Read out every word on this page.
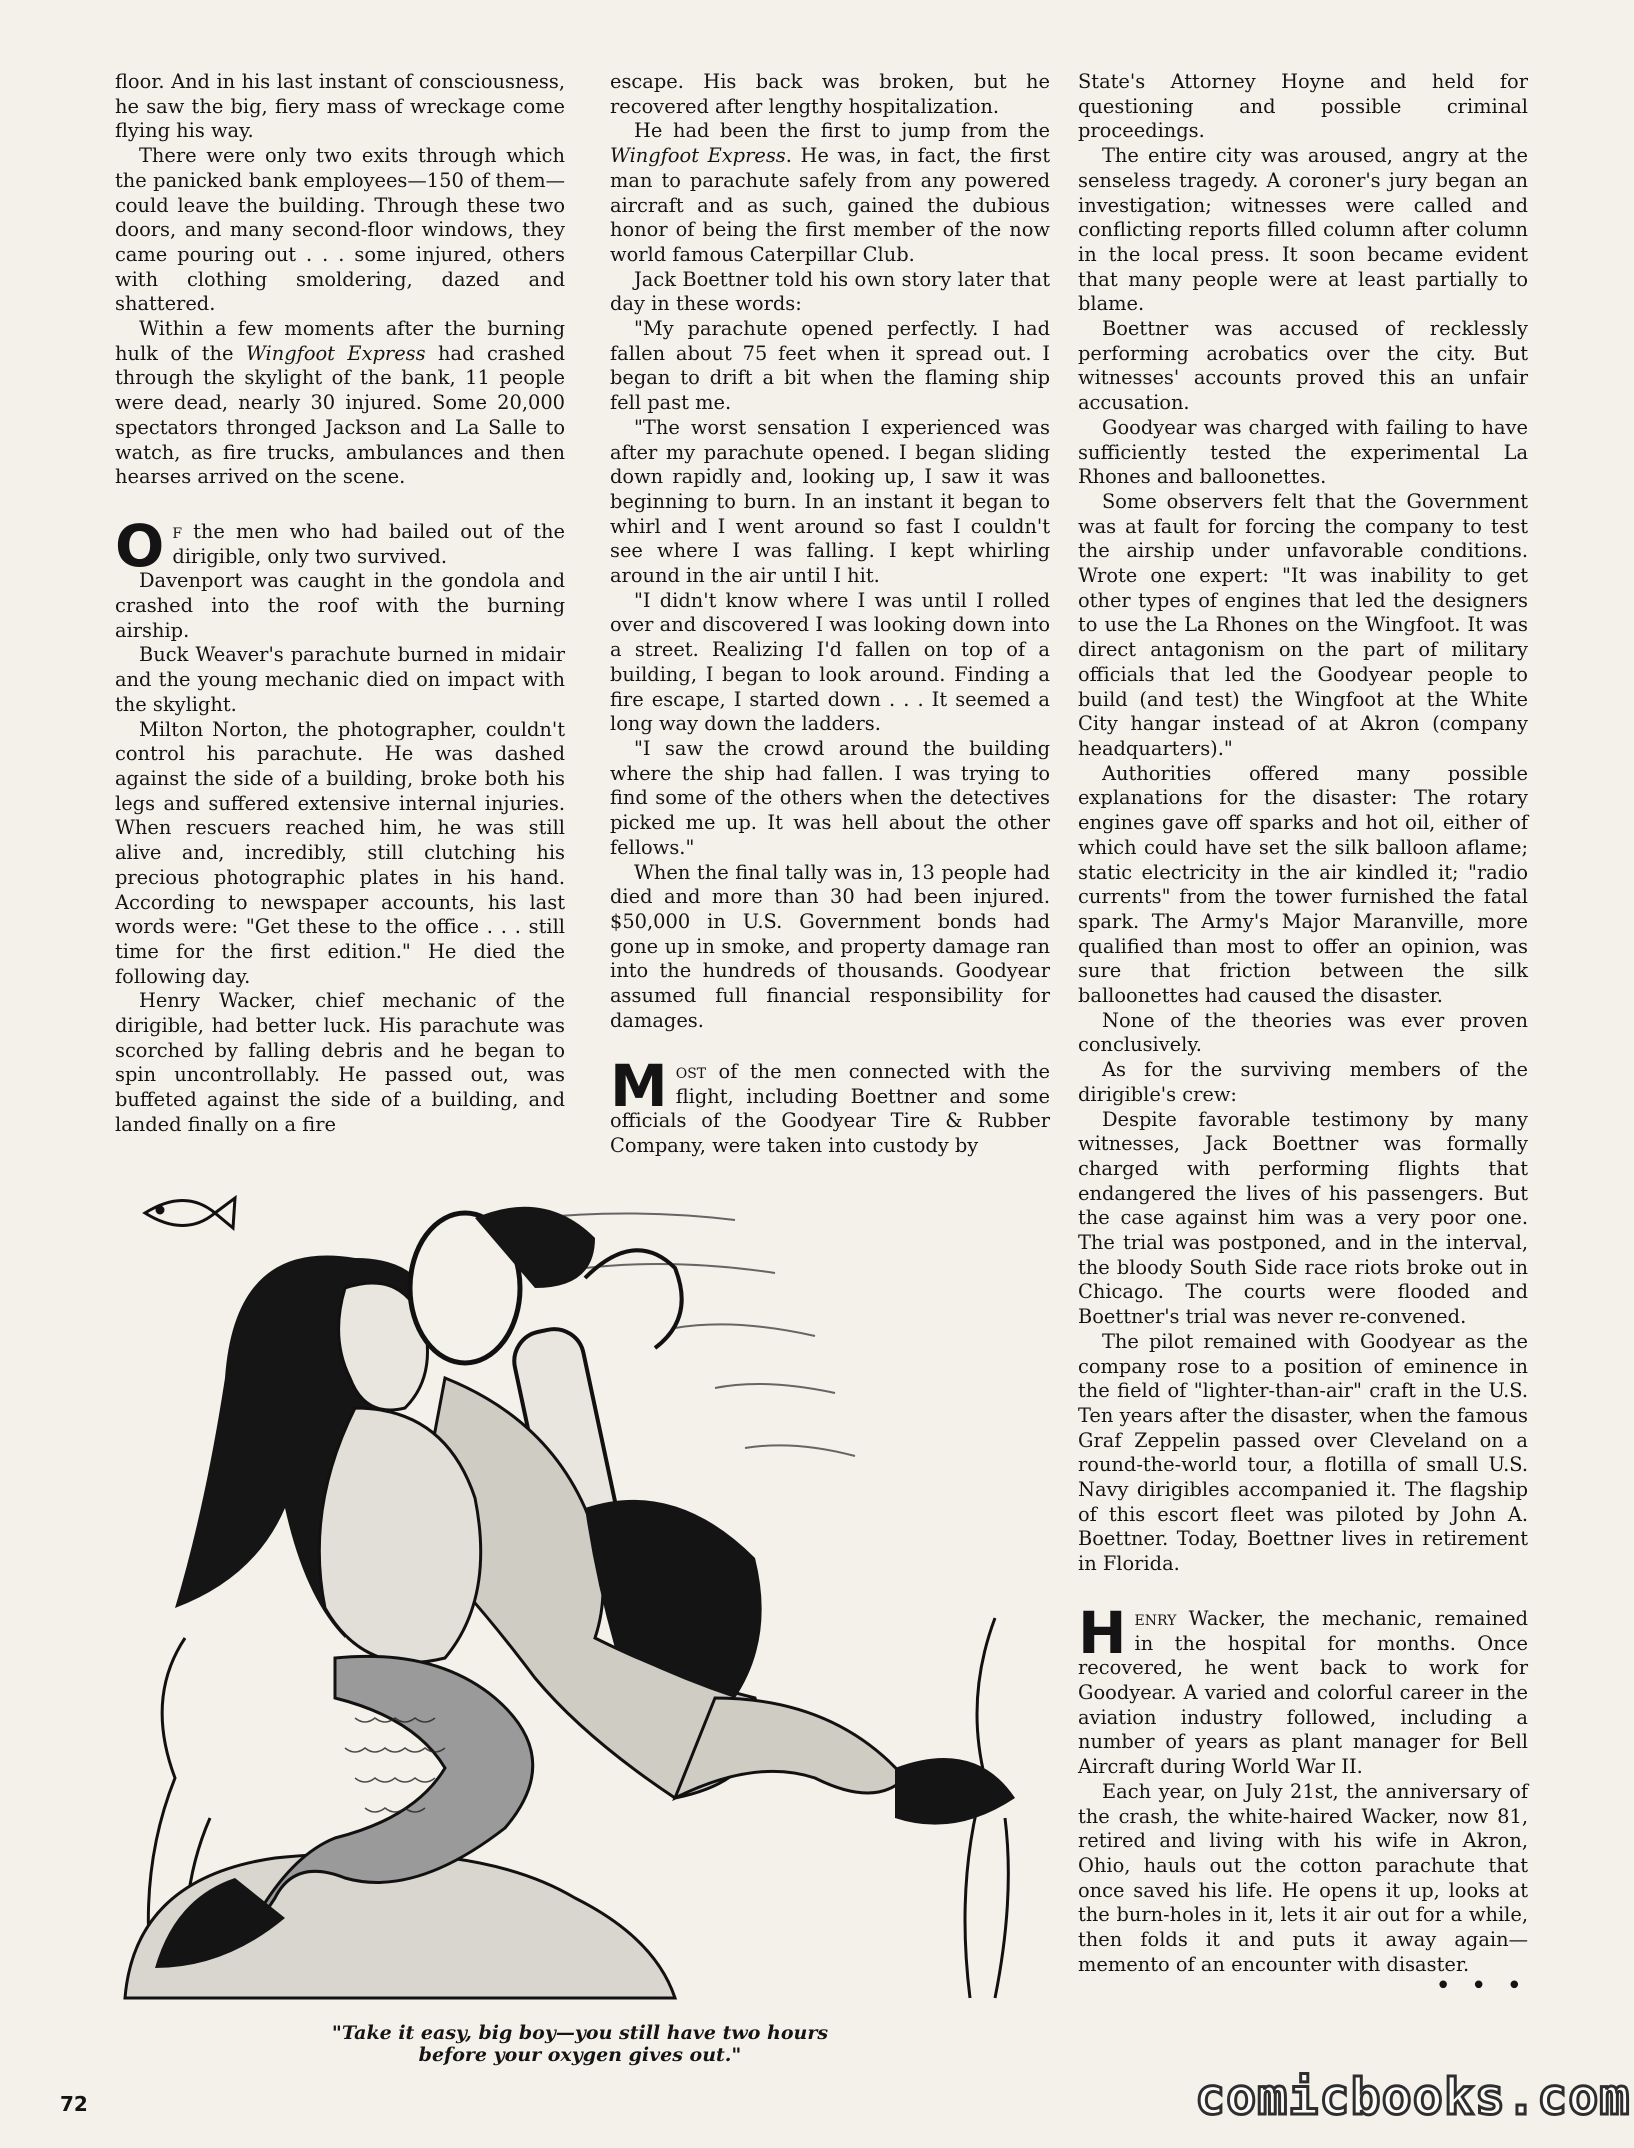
floor. And in his last instant of consciousness, he saw the big, fiery mass of wreckage come flying his way.

There were only two exits through which the panicked bank employees—150 of them—could leave the building. Through these two doors, and many second-floor windows, they came pouring out . . . some injured, others with clothing smoldering, dazed and shattered.

Within a few moments after the burning hulk of the Wingfoot Express had crashed through the skylight of the bank, 11 people were dead, nearly 30 injured. Some 20,000 spectators thronged Jackson and La Salle to watch, as fire trucks, ambulances and then hearses arrived on the scene.

Of the men who had bailed out of the dirigible, only two survived.

Davenport was caught in the gondola and crashed into the roof with the burning airship.

Buck Weaver's parachute burned in midair and the young mechanic died on impact with the skylight.

Milton Norton, the photographer, couldn't control his parachute. He was dashed against the side of a building, broke both his legs and suffered extensive internal injuries. When rescuers reached him, he was still alive and, incredibly, still clutching his precious photographic plates in his hand. According to newspaper accounts, his last words were: "Get these to the office . . . still time for the first edition." He died the following day.

Henry Wacker, chief mechanic of the dirigible, had better luck. His parachute was scorched by falling debris and he began to spin uncontrollably. He passed out, was buffeted against the side of a building, and landed finally on a fire

escape. His back was broken, but he recovered after lengthy hospitalization.

He had been the first to jump from the Wingfoot Express. He was, in fact, the first man to parachute safely from any powered aircraft and as such, gained the dubious honor of being the first member of the now world famous Caterpillar Club.

Jack Boettner told his own story later that day in these words:

"My parachute opened perfectly. I had fallen about 75 feet when it spread out. I began to drift a bit when the flaming ship fell past me.

"The worst sensation I experienced was after my parachute opened. I began sliding down rapidly and, looking up, I saw it was beginning to burn. In an instant it began to whirl and I went around so fast I couldn't see where I was falling. I kept whirling around in the air until I hit.

"I didn't know where I was until I rolled over and discovered I was looking down into a street. Realizing I'd fallen on top of a building, I began to look around. Finding a fire escape, I started down . . . It seemed a long way down the ladders.

"I saw the crowd around the building where the ship had fallen. I was trying to find some of the others when the detectives picked me up. It was hell about the other fellows."

When the final tally was in, 13 people had died and more than 30 had been injured. $50,000 in U.S. Government bonds had gone up in smoke, and property damage ran into the hundreds of thousands. Goodyear assumed full financial responsibility for damages.

Most of the men connected with the flight, including Boettner and some officials of the Goodyear Tire & Rubber Company, were taken into custody by

State's Attorney Hoyne and held for questioning and possible criminal proceedings.

The entire city was aroused, angry at the senseless tragedy. A coroner's jury began an investigation; witnesses were called and conflicting reports filled column after column in the local press. It soon became evident that many people were at least partially to blame.

Boettner was accused of recklessly performing acrobatics over the city. But witnesses' accounts proved this an unfair accusation.

Goodyear was charged with failing to have sufficiently tested the experimental La Rhones and balloonettes.

Some observers felt that the Government was at fault for forcing the company to test the airship under unfavorable conditions. Wrote one expert: "It was inability to get other types of engines that led the designers to use the La Rhones on the Wingfoot. It was direct antagonism on the part of military officials that led the Goodyear people to build (and test) the Wingfoot at the White City hangar instead of at Akron (company headquarters)."

Authorities offered many possible explanations for the disaster: The rotary engines gave off sparks and hot oil, either of which could have set the silk balloon aflame; static electricity in the air kindled it; "radio currents" from the tower furnished the fatal spark. The Army's Major Maranville, more qualified than most to offer an opinion, was sure that friction between the silk balloonettes had caused the disaster.

None of the theories was ever proven conclusively.

As for the surviving members of the dirigible's crew:

Despite favorable testimony by many witnesses, Jack Boettner was formally charged with performing flights that endangered the lives of his passengers. But the case against him was a very poor one. The trial was postponed, and in the interval, the bloody South Side race riots broke out in Chicago. The courts were flooded and Boettner's trial was never re-convened.

The pilot remained with Goodyear as the company rose to a position of eminence in the field of "lighter-than-air" craft in the U.S. Ten years after the disaster, when the famous Graf Zeppelin passed over Cleveland on a round-the-world tour, a flotilla of small U.S. Navy dirigibles accompanied it. The flagship of this escort fleet was piloted by John A. Boettner. Today, Boettner lives in retirement in Florida.

Henry Wacker, the mechanic, remained in the hospital for months. Once recovered, he went back to work for Goodyear. A varied and colorful career in the aviation industry followed, including a number of years as plant manager for Bell Aircraft during World War II.

Each year, on July 21st, the anniversary of the crash, the white-haired Wacker, now 81, retired and living with his wife in Akron, Ohio, hauls out the cotton parachute that once saved his life. He opens it up, looks at the burn-holes in it, lets it air out for a while, then folds it and puts it away again—memento of an encounter with disaster.

• • •
"Take it easy, big boy—you still have two hours
before your oxygen gives out."
72	comicbooks.com
